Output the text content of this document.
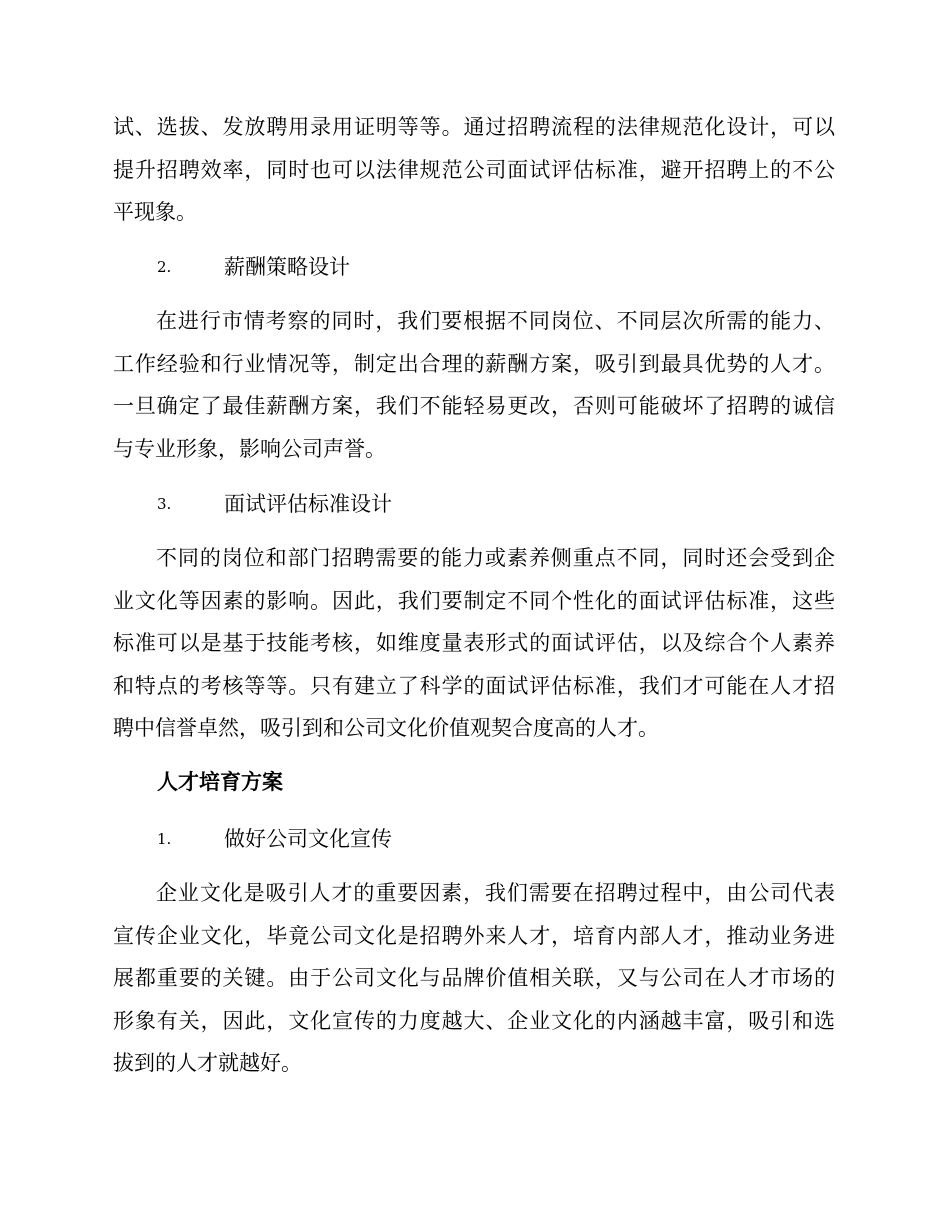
试、选拔、发放聘用录用证明等等。通过招聘流程的法律规范化设计，可以
提升招聘效率，同时也可以法律规范公司面试评估标准，避开招聘上的不公
平现象。
2.	薪酬策略设计
在进行市情考察的同时，我们要根据不同岗位、不同层次所需的能力、
工作经验和行业情况等，制定出合理的薪酬方案，吸引到最具优势的人才。
一旦确定了最佳薪酬方案，我们不能轻易更改，否则可能破坏了招聘的诚信
与专业形象，影响公司声誉。
3.	面试评估标准设计
不同的岗位和部门招聘需要的能力或素养侧重点不同，同时还会受到企
业文化等因素的影响。因此，我们要制定不同个性化的面试评估标准，这些
标准可以是基于技能考核，如维度量表形式的面试评估，以及综合个人素养
和特点的考核等等。只有建立了科学的面试评估标准，我们才可能在人才招
聘中信誉卓然，吸引到和公司文化价值观契合度高的人才。
人才培育方案
1.	做好公司文化宣传
企业文化是吸引人才的重要因素，我们需要在招聘过程中，由公司代表
宣传企业文化，毕竟公司文化是招聘外来人才，培育内部人才，推动业务进
展都重要的关键。由于公司文化与品牌价值相关联，又与公司在人才市场的
形象有关，因此，文化宣传的力度越大、企业文化的内涵越丰富，吸引和选
拔到的人才就越好。
